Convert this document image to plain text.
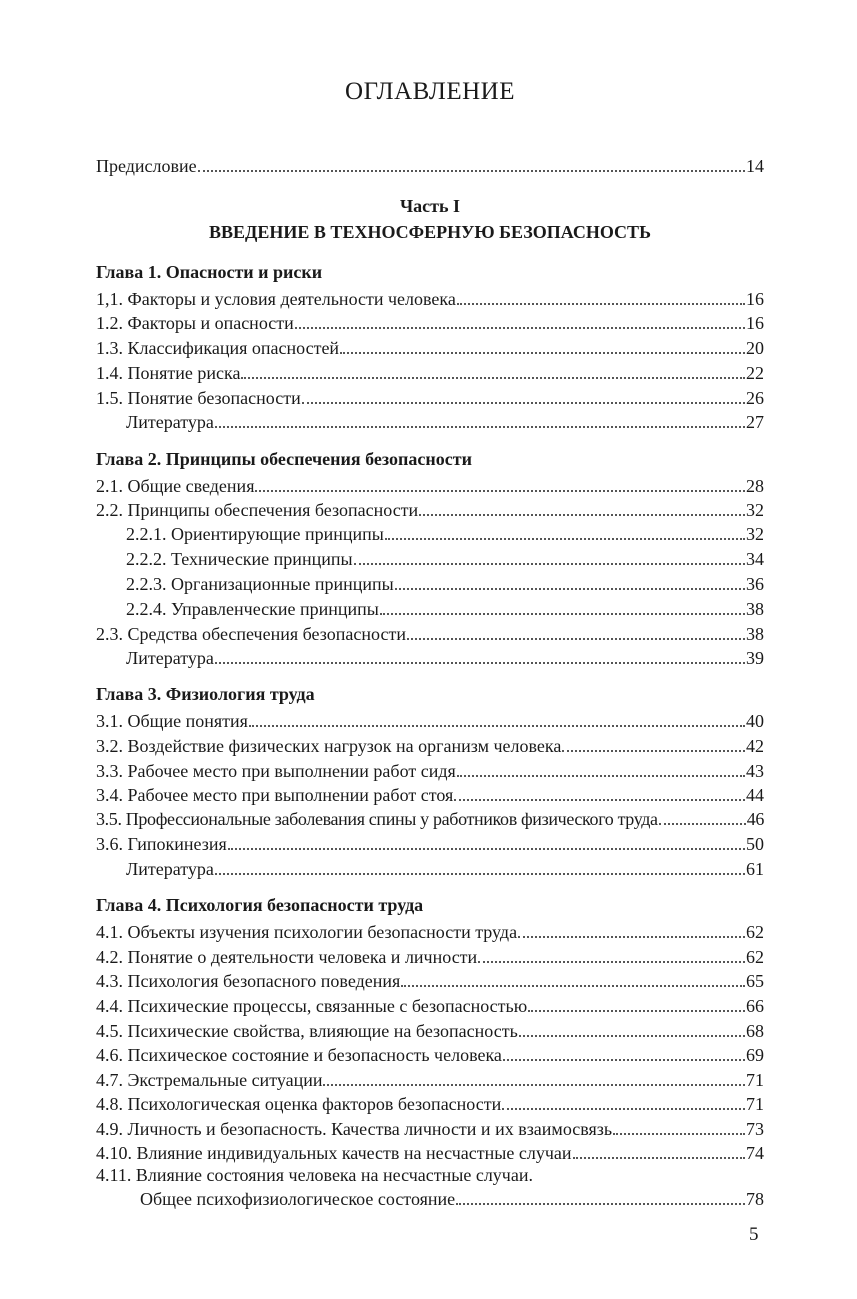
ОГЛАВЛЕНИЕ
Предисловие	14
Часть I
ВВЕДЕНИЕ В ТЕХНОСФЕРНУЮ БЕЗОПАСНОСТЬ
Глава 1. Опасности и риски
1,1. Факторы и условия деятельности человека	16
1.2. Факторы и опасности	16
1.3. Классификация опасностей	20
1.4. Понятие риска	22
1.5. Понятие безопасности	26
Литература	27
Глава 2. Принципы обеспечения безопасности
2.1. Общие сведения	28
2.2. Принципы обеспечения безопасности	32
2.2.1. Ориентирующие принципы	32
2.2.2. Технические принципы	34
2.2.3. Организационные принципы	36
2.2.4. Управленческие принципы	38
2.3. Средства обеспечения безопасности	38
Литература	39
Глава 3. Физиология труда
3.1. Общие понятия	40
3.2. Воздействие физических нагрузок на организм человека	42
3.3. Рабочее место при выполнении работ сидя	43
3.4. Рабочее место при выполнении работ стоя	44
3.5. Профессиональные заболевания спины у работников физического труда	46
3.6. Гипокинезия	50
Литература	61
Глава 4. Психология безопасности труда
4.1. Объекты изучения психологии безопасности труда	62
4.2. Понятие о деятельности человека и личности	62
4.3. Психология безопасного поведения	65
4.4. Психические процессы, связанные с безопасностью	66
4.5. Психические свойства, влияющие на безопасность	68
4.6. Психическое состояние и безопасность человека	69
4.7. Экстремальные ситуации	71
4.8. Психологическая оценка факторов безопасности	71
4.9. Личность и безопасность. Качества личности и их взаимосвязь	73
4.10. Влияние индивидуальных качеств на несчастные случаи	74
4.11. Влияние состояния человека на несчастные случаи.
Общее психофизиологическое состояние	78
5
